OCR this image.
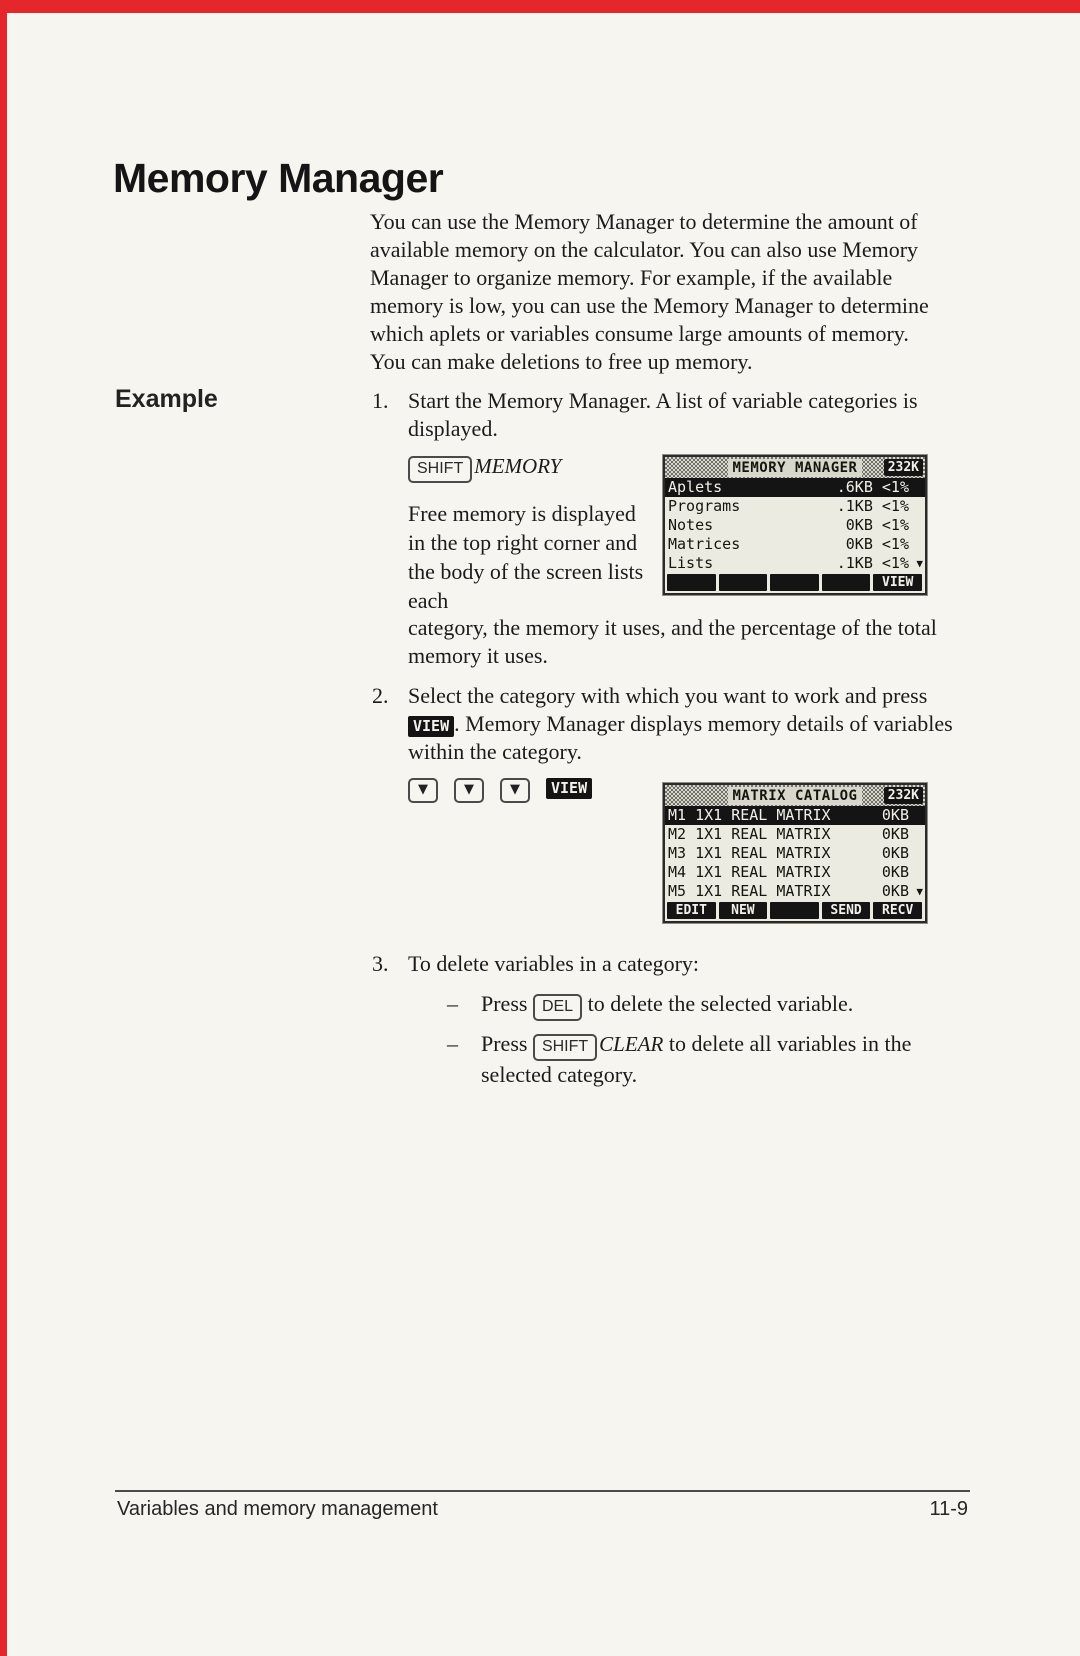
Memory Manager

You can use the Memory Manager to determine the amount of available memory on the calculator. You can also use Memory Manager to organize memory. For example, if the available memory is low, you can use the Memory Manager to determine which aplets or variables consume large amounts of memory. You can make deletions to free up memory.

Example	1. Start the Memory Manager. A list of variable categories is displayed.
SHIFT MEMORY
Free memory is displayed in the top right corner and the body of the screen lists each
category, the memory it uses, and the percentage of the total memory it uses.
MEMORY MANAGER	232K
Aplets	.6KB <1%
Programs	.1KB <1%
Notes	0KB <1%
Matrices	0KB <1%
Lists	.1KB <1% ▼
VIEW
2. Select the category with which you want to work and press VIEW . Memory Manager displays memory details of variables within the category.
▼	▼	▼ VIEW	MATRIX CATALOG	232K
M1 1X1 REAL MATRIX	0KB
M2 1X1 REAL MATRIX	0KB
M3 1X1 REAL MATRIX	0KB
M4 1X1 REAL MATRIX	0KB
M5 1X1 REAL MATRIX	0KB ▼
EDIT	NEW	SEND	RECV
3. To delete variables in a category:
–	Press DEL to delete the selected variable.
–	Press SHIFT CLEAR to delete all variables in the selected category.
Variables and memory management	11-9
